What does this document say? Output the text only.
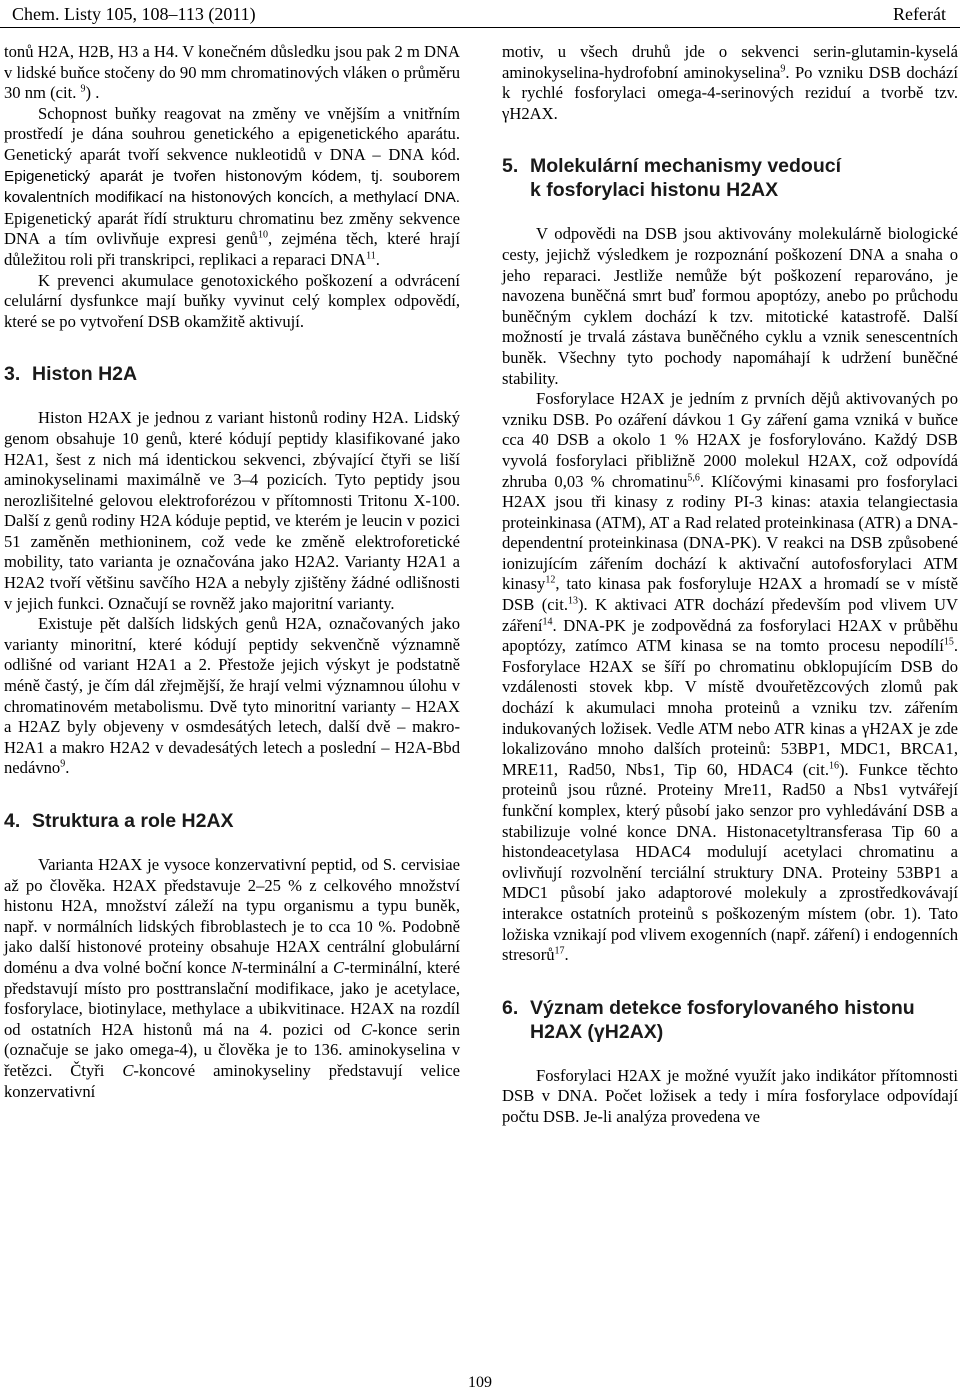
Chem. Listy 105, 108–113 (2011)	Referát

tonů H2A, H2B, H3 a H4. V konečném důsledku jsou pak 2 m DNA v lidské buňce stočeny do 90 mm chromatinových vláken o průměru 30 nm (cit. $^9$) .

Schopnost buňky reagovat na změny ve vnějším a vnitřním prostředí je dána souhrou genetického a epigenetického aparátu. Genetický aparát tvoří sekvence nukleotidů v DNA – DNA kód. Epigenetický aparát je tvořen histonovým kódem, tj. souborem kovalentních modifikací na histonových koncích, a methylací DNA. Epigenetický aparát řídí strukturu chromatinu bez změny sekvence DNA a tím ovlivňuje expresi genů$^{10}$, zejména těch, které hrají důležitou roli při transkripci, replikaci a reparaci DNA$^{11}$.

K prevenci akumulace genotoxického poškození a odvrácení celulární dysfunkce mají buňky vyvinut celý komplex odpovědí, které se po vytvoření DSB okamžitě aktivují.

3. Histon H2A

Histon H2AX je jednou z variant histonů rodiny H2A. Lidský genom obsahuje 10 genů, které kódují peptidy klasifikované jako H2A1, šest z nich má identickou sekvenci, zbývající čtyři se liší aminokyselinami maximálně ve 3–4 pozicích. Tyto peptidy jsou nerozlišitelné gelovou elektroforézou v přítomnosti Tritonu X-100. Další z genů rodiny H2A kóduje peptid, ve kterém je leucin v pozici 51 zaměněn methioninem, což vede ke změně elektroforetické mobility, tato varianta je označována jako H2A2. Varianty H2A1 a H2A2 tvoří většinu savčího H2A a nebyly zjištěny žádné odlišnosti v jejich funkci. Označují se rovněž jako majoritní varianty.

Existuje pět dalších lidských genů H2A, označovaných jako varianty minoritní, které kódují peptidy sekvenčně významně odlišné od variant H2A1 a 2. Přestože jejich výskyt je podstatně méně častý, je čím dál zřejmější, že hrají velmi významnou úlohu v chromatinovém metabolismu. Dvě tyto minoritní varianty – H2AX a H2AZ byly objeveny v osmdesátých letech, další dvě – makro-H2A1 a makro H2A2 v devadesátých letech a poslední – H2A-Bbd nedávno$^9$.

4. Struktura a role H2AX

Varianta H2AX je vysoce konzervativní peptid, od S. cervisiae až po člověka. H2AX představuje 2–25 % z celkového množství histonu H2A, množství záleží na typu organismu a typu buněk, např. v normálních lidských fibroblastech je to cca 10 %. Podobně jako další histonové proteiny obsahuje H2AX centrální globulární doménu a dva volné boční konce N-terminální a C-terminální, které představují místo pro posttranslační modifikace, jako je acetylace, fosforylace, biotinylace, methylace a ubikvitinace. H2AX na rozdíl od ostatních H2A histonů má na 4. pozici od C-konce serin (označuje se jako omega-4), u člověka je to 136. aminokyselina v řetězci. Čtyři C-koncové aminokyseliny představují velice konzervativní

motiv, u všech druhů jde o sekvenci serin-glutamin-kyselá aminokyselina-hydrofobní aminokyselina$^9$. Po vzniku DSB dochází k rychlé fosforylaci omega-4-serinových reziduí a tvorbě tzv. γH2AX.

5. Molekulární mechanismy vedoucí
k fosforylaci histonu H2AX

V odpovědi na DSB jsou aktivovány molekulárně biologické cesty, jejichž výsledkem je rozpoznání poškození DNA a snaha o jeho reparaci. Jestliže nemůže být poškození reparováno, je navozena buněčná smrt buď formou apoptózy, anebo po průchodu buněčným cyklem dochází k tzv. mitotické katastrofě. Další možností je trvalá zástava buněčného cyklu a vznik senescentních buněk. Všechny tyto pochody napomáhají k udržení buněčné stability.

Fosforylace H2AX je jedním z prvních dějů aktivovaných po vzniku DSB. Po ozáření dávkou 1 Gy záření gama vzniká v buňce cca 40 DSB a okolo 1 % H2AX je fosforylováno. Každý DSB vyvolá fosforylaci přibližně 2000 molekul H2AX, což odpovídá zhruba 0,03 % chromatinu$^{5,6}$. Klíčovými kinasami pro fosforylaci H2AX jsou tři kinasy z rodiny PI-3 kinas: ataxia telangiectasia proteinkinasa (ATM), AT a Rad related proteinkinasa (ATR) a DNA-dependentní proteinkinasa (DNA-PK). V reakci na DSB způsobené ionizujícím zářením dochází k aktivační autofosforylaci ATM kinasy$^{12}$, tato kinasa pak fosforyluje H2AX a hromadí se v místě DSB (cit.$^{13}$). K aktivaci ATR dochází především pod vlivem UV záření$^{14}$. DNA-PK je zodpovědná za fosforylaci H2AX v průběhu apoptózy, zatímco ATM kinasa se na tomto procesu nepodílí$^{15}$. Fosforylace H2AX se šíří po chromatinu obklopujícím DSB do vzdálenosti stovek kbp. V místě dvouřetězcových zlomů pak dochází k akumulaci mnoha proteinů a vzniku tzv. zářením indukovaných ložisek. Vedle ATM nebo ATR kinas a γH2AX je zde lokalizováno mnoho dalších proteinů: 53BP1, MDC1, BRCA1, MRE11, Rad50, Nbs1, Tip 60, HDAC4 (cit.$^{16}$). Funkce těchto proteinů jsou různé. Proteiny Mre11, Rad50 a Nbs1 vytvářejí funkční komplex, který působí jako senzor pro vyhledávání DSB a stabilizuje volné konce DNA. Histonacetyltransferasa Tip 60 a histondeacetylasa HDAC4 modulují acetylaci chromatinu a ovlivňují rozvolnění terciální struktury DNA. Proteiny 53BP1 a MDC1 působí jako adaptorové molekuly a zprostředkovávají interakce ostatních proteinů s poškozeným místem (obr. 1). Tato ložiska vznikají pod vlivem exogenních (např. záření) i endogenních stresorů$^{17}$.

6. Význam detekce fosforylovaného histonu
H2AX (γH2AX)

Fosforylaci H2AX je možné využít jako indikátor přítomnosti DSB v DNA. Počet ložisek a tedy i míra fosforylace odpovídají počtu DSB. Je-li analýza provedena ve

109
